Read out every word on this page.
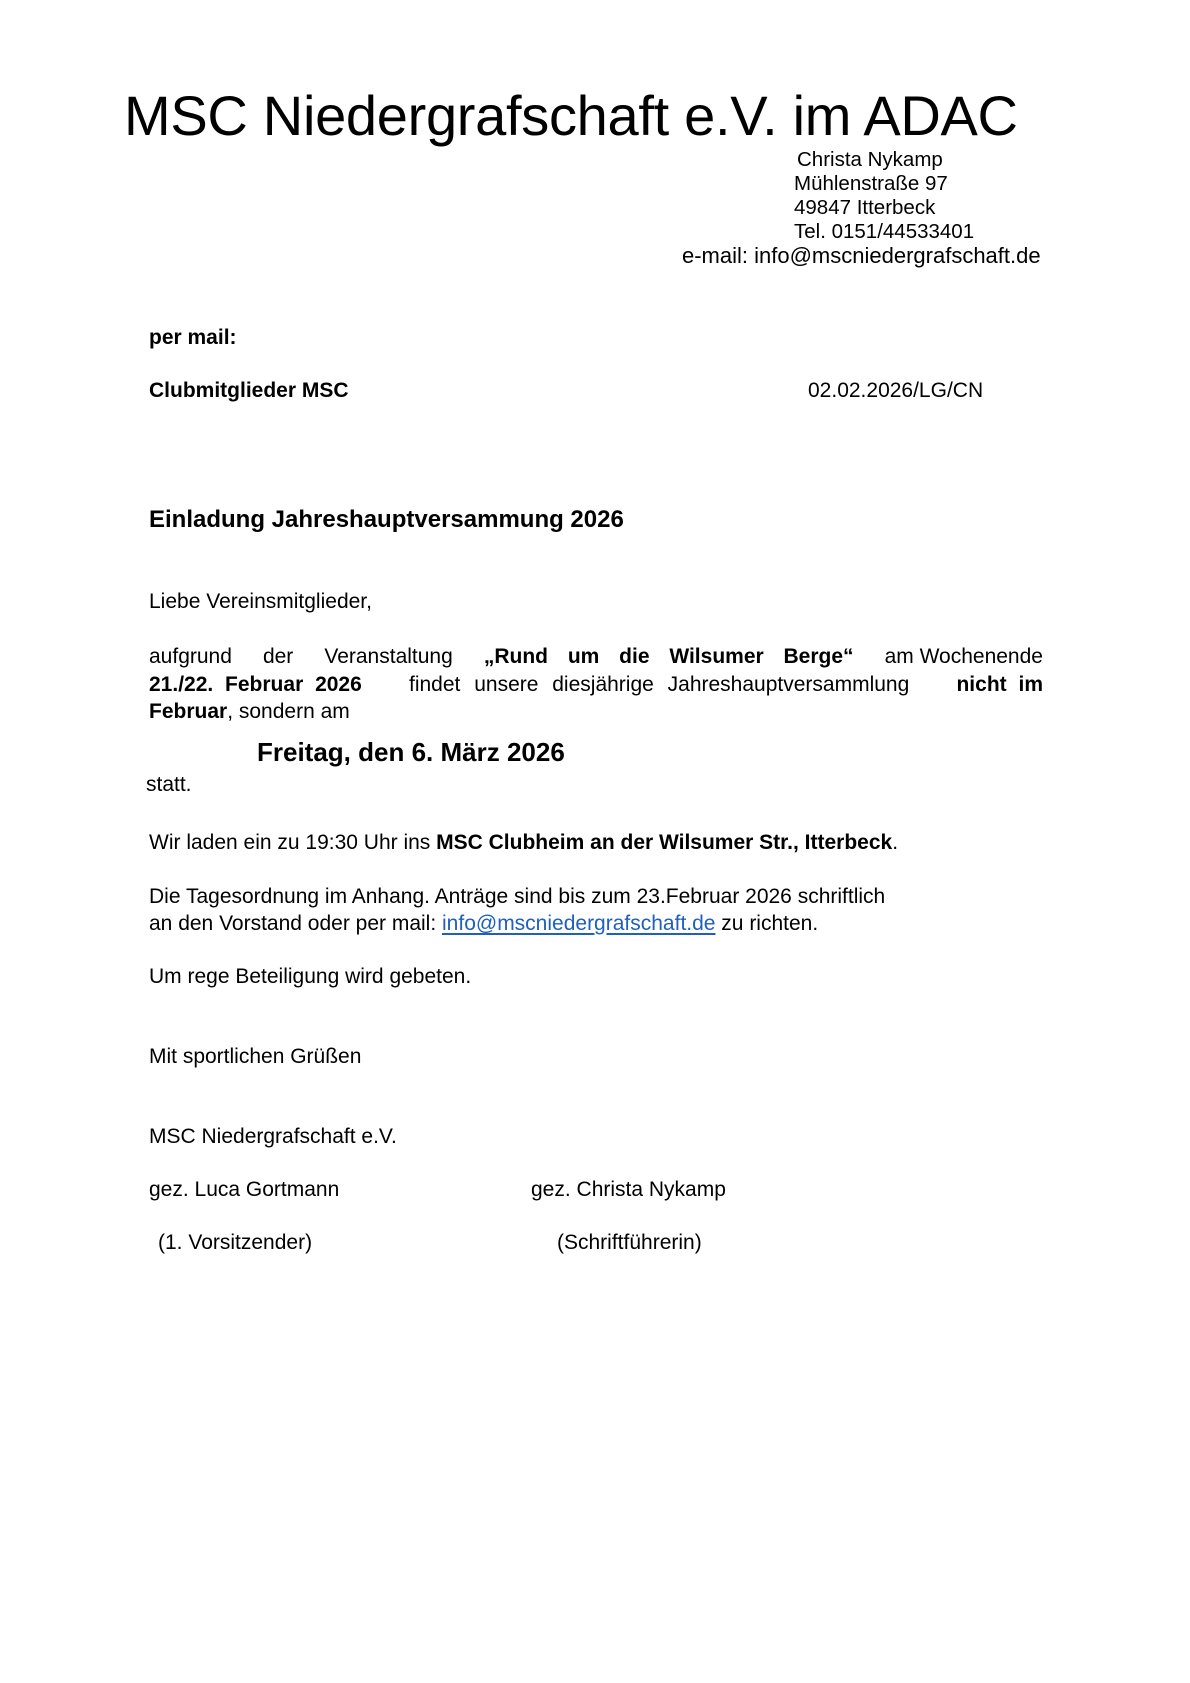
MSC Niedergrafschaft e.V. im ADAC
Christa Nykamp
Mühlenstraße 97
49847 Itterbeck
Tel. 0151/44533401
e-mail: info@mscniedergrafschaft.de
per mail:
Clubmitglieder MSC	02.02.2026/LG/CN
Einladung Jahreshauptversammung 2026
Liebe Vereinsmitglieder,
aufgrund der Veranstaltung „Rund um die Wilsumer Berge“ am Wochenende
21./22. Februar 2026 findet unsere diesjährige Jahreshauptversammlung nicht im
Februar, sondern am
Freitag, den 6. März 2026
statt.
Wir laden ein zu 19:30 Uhr ins MSC Clubheim an der Wilsumer Str., Itterbeck.
Die Tagesordnung im Anhang. Anträge sind bis zum 23.Februar 2026 schriftlich
an den Vorstand oder per mail: info@mscniedergrafschaft.de zu richten.
Um rege Beteiligung wird gebeten.
Mit sportlichen Grüßen
MSC Niedergrafschaft e.V.
gez. Luca Gortmann	gez. Christa Nykamp
(1. Vorsitzender)	(Schriftführerin)
